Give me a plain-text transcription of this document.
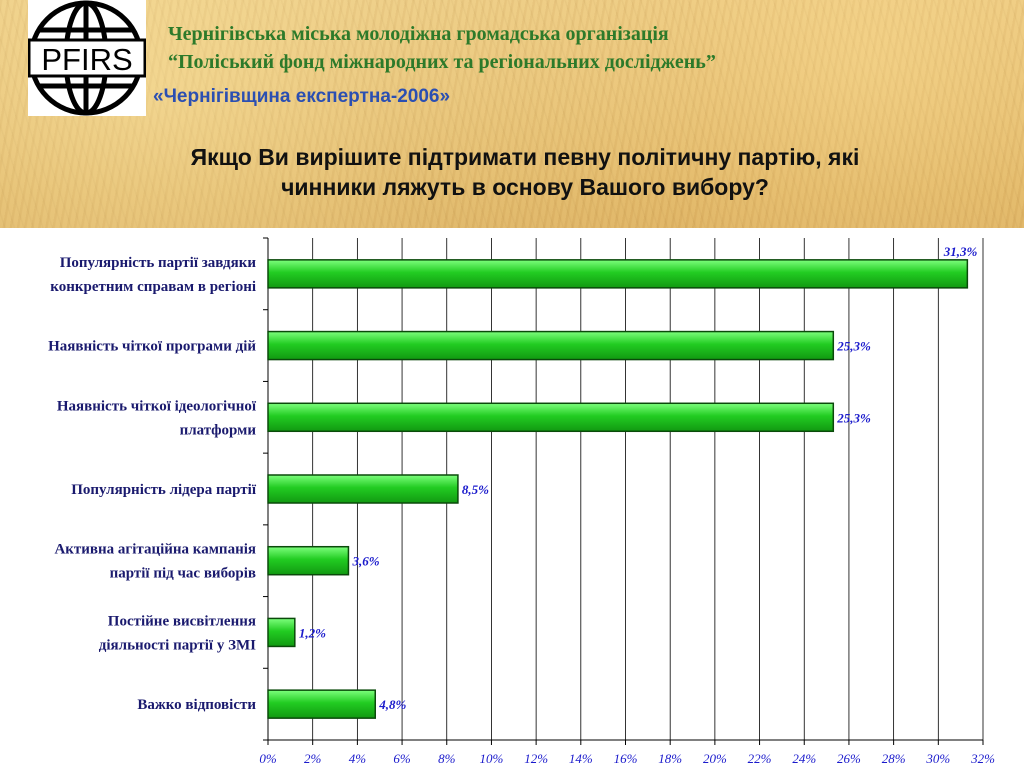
PFIRS
Чернігівська міська молодіжна громадська організація
“Поліський фонд міжнародних та регіональних досліджень”
«Чернігівщина експертна-2006»
Якщо Ви вирішите підтримати певну політичну партію, які
чинники ляжуть в основу Вашого вибору?
0% 2% 4% 6% 8% 10% 12% 14% 16% 18% 20% 22% 24% 26% 28% 30% 32%
31,3%
Популярність партії завдяки
конкретним справам в регіоні
25,3%
Наявність чіткої програми дій
25,3%
Наявність чіткої ідеологічної
платформи
8,5%
Популярність лідера партії
3,6%
Активна агітаційна кампанія
партії під час виборів
1,2%
Постійне висвітлення
діяльності партії у ЗМІ
4,8%
Важко відповісти
